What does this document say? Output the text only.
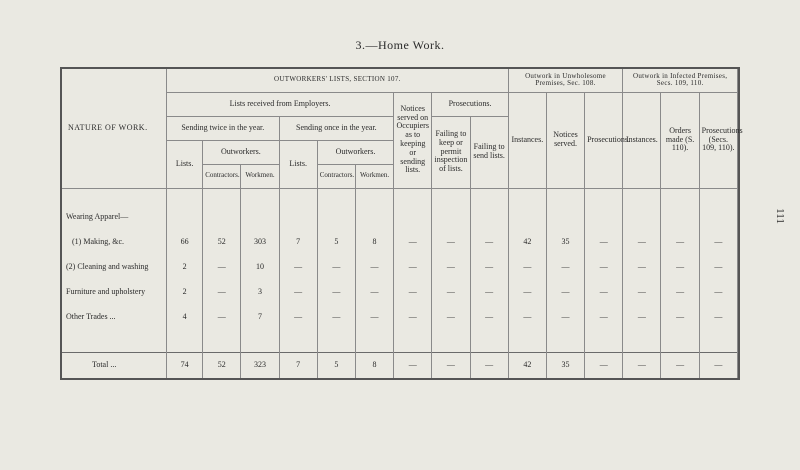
3.—Home Work.
111
NATURE OF WORK.	OUTWORKERS' LISTS, SECTION 107.									Outwork in Unwholesome Premises, Sec. 108.			Outwork in Infected Premises, Secs. 109, 110.		
	Lists received from Employers.						Notices served on Occupiers as to keeping or sending lists.	Prosecutions.		Instances.	Notices served.	Prosecutions.	Instances.	Orders made (S. 110).	Prosecutions (Secs. 109, 110).
	Sending twice in the year.			Sending once in the year.				Failing to keep or permit inspection of lists.	Failing to send lists.						
	Lists.	Outworkers.		Lists.	Outworkers.										
		Contractors.	Workmen.		Contractors.	Workmen.									

Wearing Apparel—															
(1) Making, &c.	66	52	303	7	5	8	—	—	—	42	35	—	—	—	—
(2) Cleaning and washing	2	—	10	—	—	—	—	—	—	—	—	—	—	—	—
Furniture and upholstery	2	—	3	—	—	—	—	—	—	—	—	—	—	—	—
Other Trades ...	4	—	7	—	—	—	—	—	—	—	—	—	—	—	—

Total ...	74	52	323	7	5	8	—	—	—	42	35	—	—	—	—
